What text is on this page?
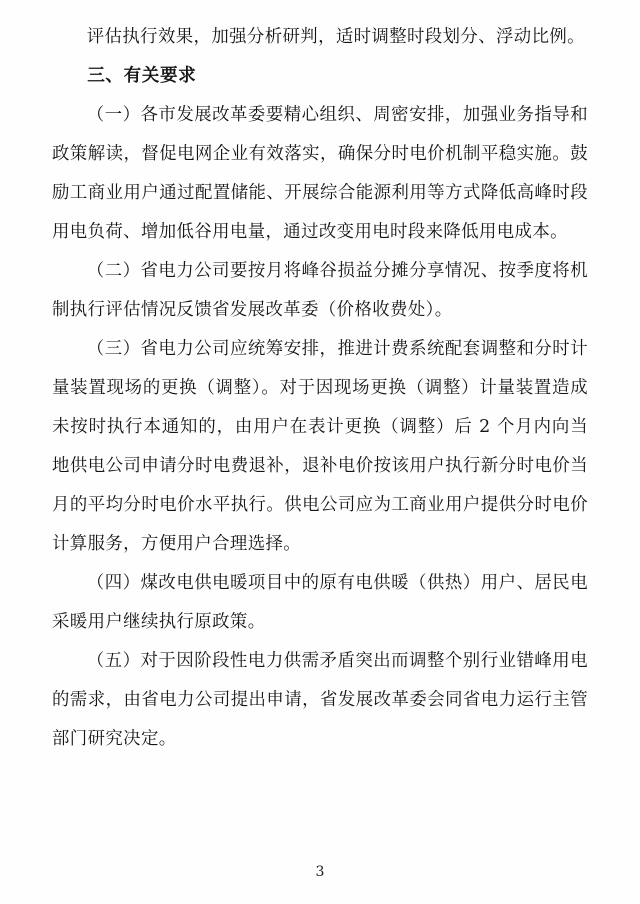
评估执行效果，加强分析研判，适时调整时段划分、浮动比例。

三、有关要求

（一）各市发展改革委要精心组织、周密安排，加强业务指导和政策解读，督促电网企业有效落实，确保分时电价机制平稳实施。鼓励工商业用户通过配置储能、开展综合能源利用等方式降低高峰时段用电负荷、增加低谷用电量，通过改变用电时段来降低用电成本。

（二）省电力公司要按月将峰谷损益分摊分享情况、按季度将机制执行评估情况反馈省发展改革委（价格收费处）。

（三）省电力公司应统筹安排，推进计费系统配套调整和分时计量装置现场的更换（调整）。对于因现场更换（调整）计量装置造成未按时执行本通知的，由用户在表计更换（调整）后 2 个月内向当地供电公司申请分时电费退补，退补电价按该用户执行新分时电价当月的平均分时电价水平执行。供电公司应为工商业用户提供分时电价计算服务，方便用户合理选择。

（四）煤改电供电暖项目中的原有电供暖（供热）用户、居民电采暖用户继续执行原政策。

（五）对于因阶段性电力供需矛盾突出而调整个别行业错峰用电的需求，由省电力公司提出申请，省发展改革委会同省电力运行主管部门研究决定。

3
